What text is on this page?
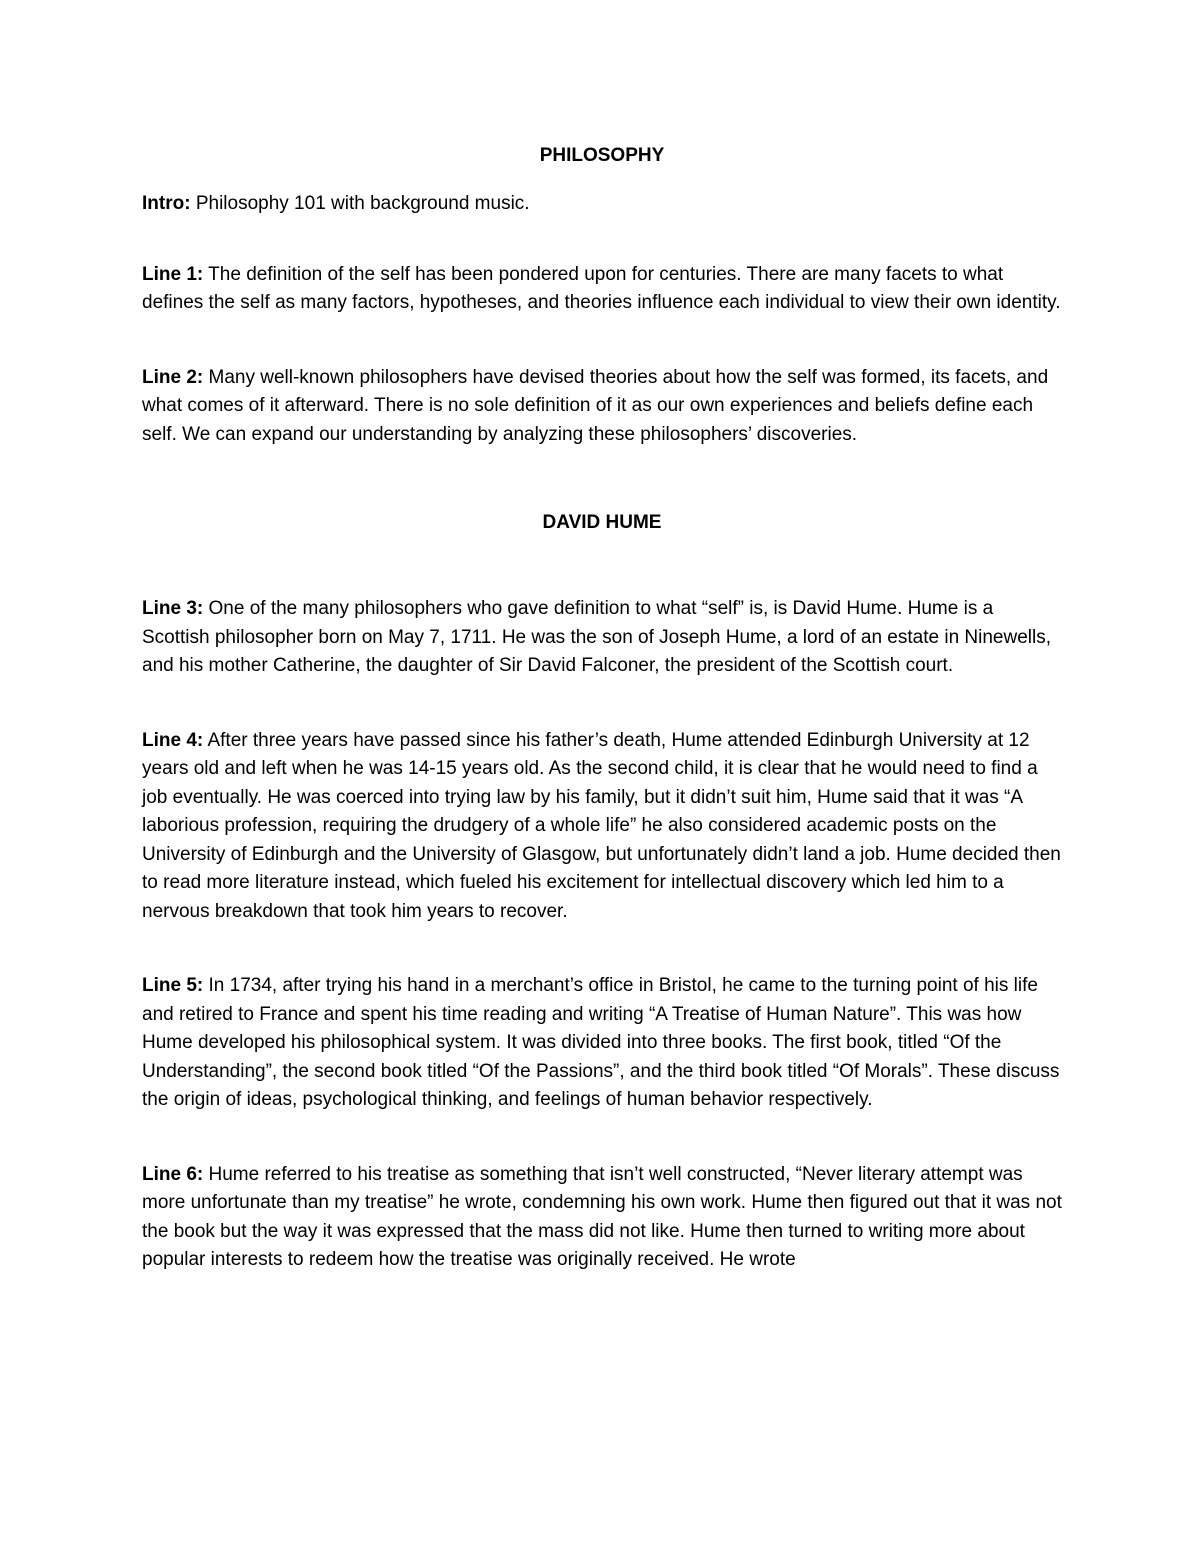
PHILOSOPHY

Intro: Philosophy 101 with background music.

Line 1: The definition of the self has been pondered upon for centuries. There are many facets to what defines the self as many factors, hypotheses, and theories influence each individual to view their own identity.

Line 2: Many well-known philosophers have devised theories about how the self was formed, its facets, and what comes of it afterward. There is no sole definition of it as our own experiences and beliefs define each self. We can expand our understanding by analyzing these philosophers’ discoveries.

DAVID HUME

Line 3: One of the many philosophers who gave definition to what “self” is, is David Hume. Hume is a Scottish philosopher born on May 7, 1711. He was the son of Joseph Hume, a lord of an estate in Ninewells, and his mother Catherine, the daughter of Sir David Falconer, the president of the Scottish court.

Line 4: After three years have passed since his father’s death, Hume attended Edinburgh University at 12 years old and left when he was 14-15 years old. As the second child, it is clear that he would need to find a job eventually. He was coerced into trying law by his family, but it didn’t suit him, Hume said that it was “A laborious profession, requiring the drudgery of a whole life” he also considered academic posts on the University of Edinburgh and the University of Glasgow, but unfortunately didn’t land a job. Hume decided then to read more literature instead, which fueled his excitement for intellectual discovery which led him to a nervous breakdown that took him years to recover.

Line 5: In 1734, after trying his hand in a merchant’s office in Bristol, he came to the turning point of his life and retired to France and spent his time reading and writing “A Treatise of Human Nature”. This was how Hume developed his philosophical system. It was divided into three books. The first book, titled “Of the Understanding”, the second book titled “Of the Passions”, and the third book titled “Of Morals”. These discuss the origin of ideas, psychological thinking, and feelings of human behavior respectively.

Line 6: Hume referred to his treatise as something that isn’t well constructed, “Never literary attempt was more unfortunate than my treatise” he wrote, condemning his own work. Hume then figured out that it was not the book but the way it was expressed that the mass did not like. Hume then turned to writing more about popular interests to redeem how the treatise was originally received. He wrote
